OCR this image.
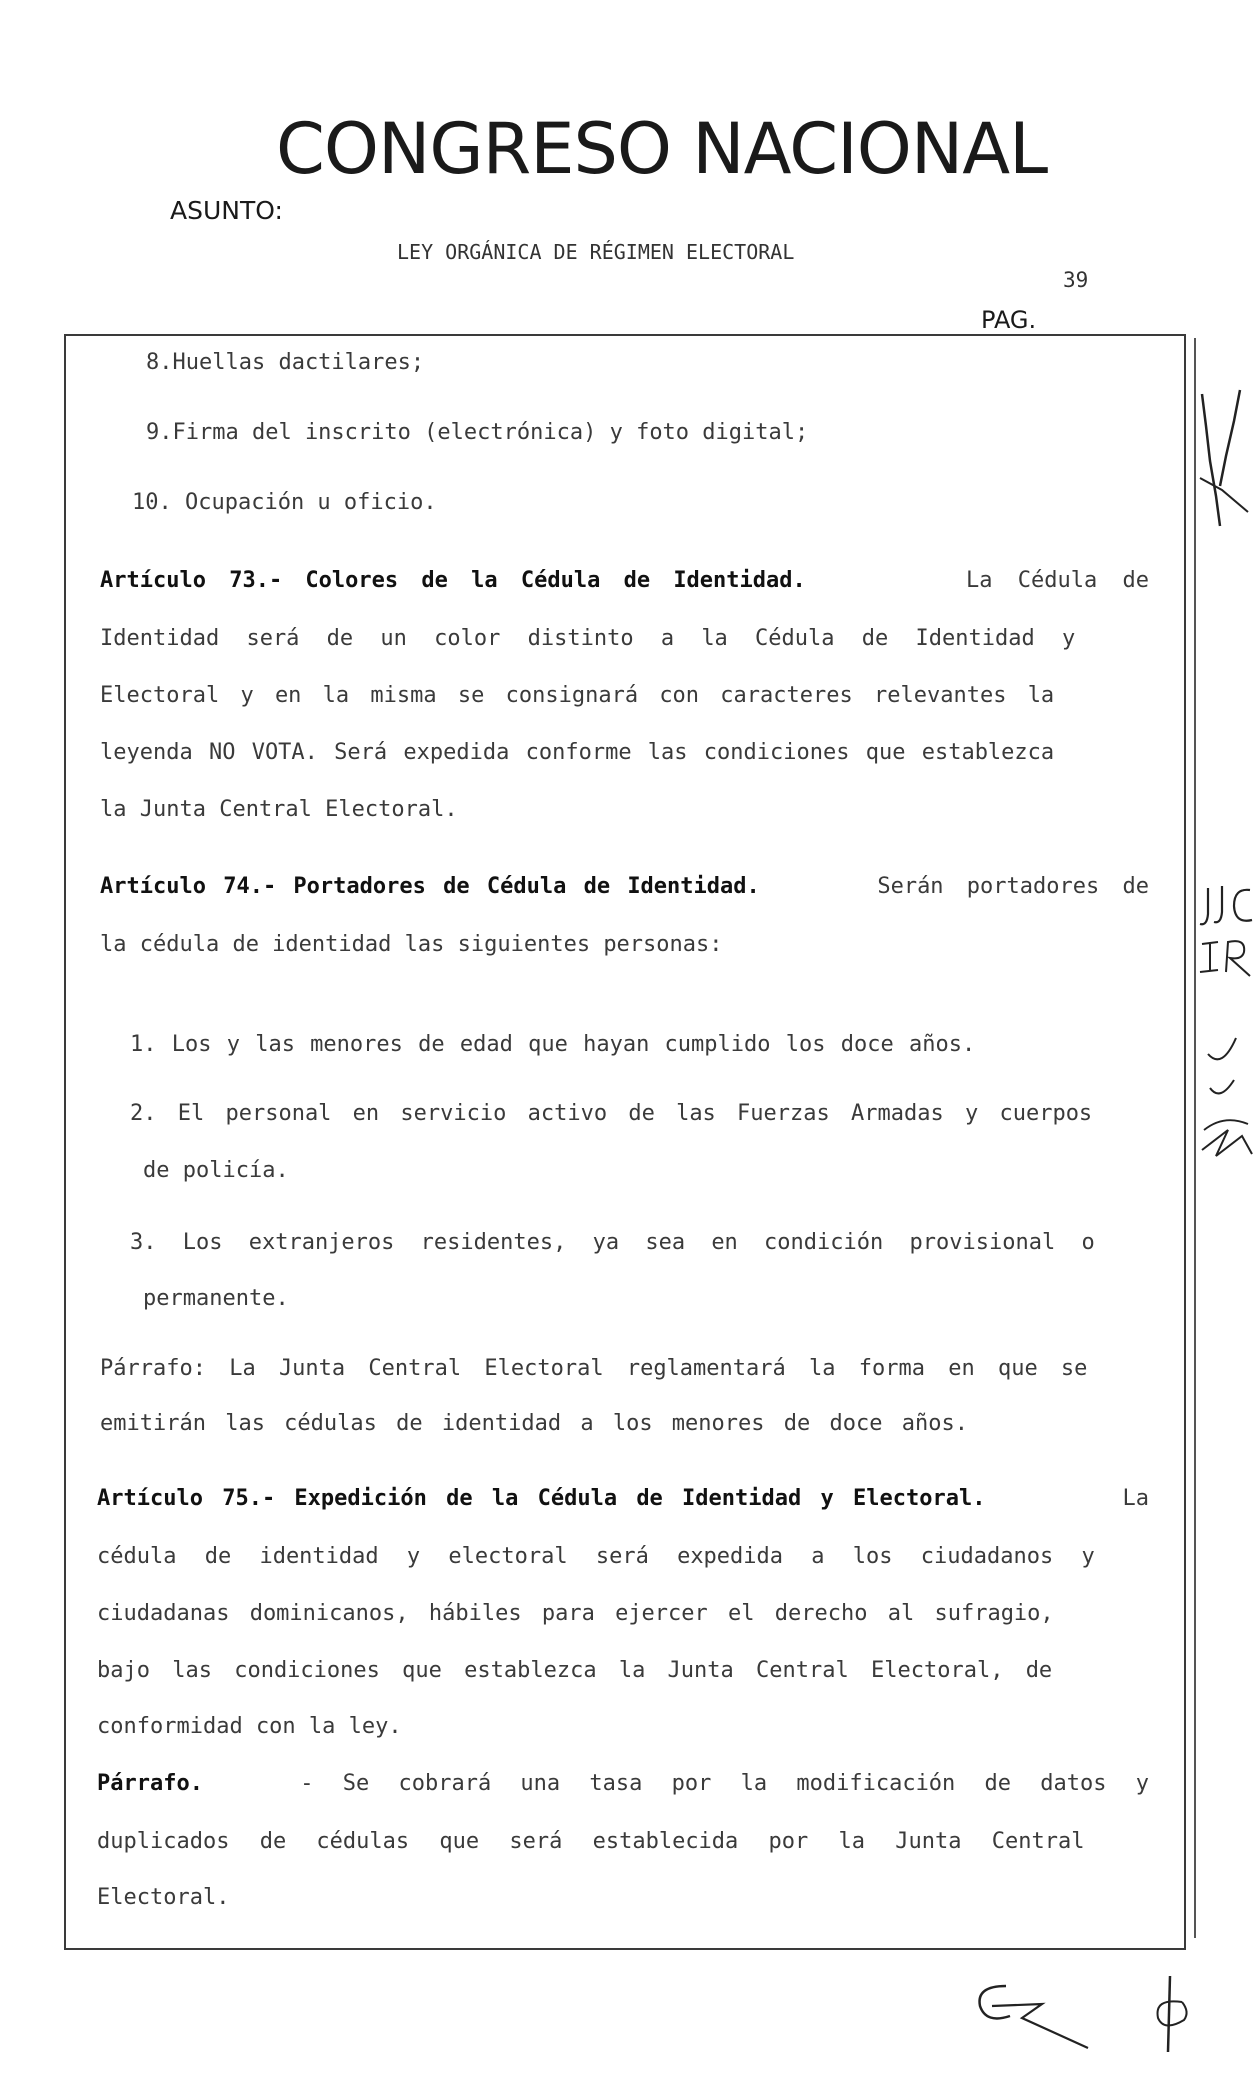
CONGRESO NACIONAL
ASUNTO:
LEY ORGÁNICA DE RÉGIMEN ELECTORAL
39
PAG.
8.Huellas dactilares;
9.Firma del inscrito (electrónica) y foto digital;
10. Ocupación u oficio.
Artículo 73.- Colores de la Cédula de Identidad.	La Cédula de
Identidad será de un color distinto a la Cédula de Identidad y
Electoral y en la misma se consignará con caracteres relevantes la
leyenda NO VOTA. Será expedida conforme las condiciones que establezca
la Junta Central Electoral.
Artículo 74.- Portadores de Cédula de Identidad.	Serán portadores de
la cédula de identidad las siguientes personas:
1. Los y las menores de edad que hayan cumplido los doce años.
2. El personal en servicio activo de las Fuerzas Armadas y cuerpos
de policía.
3. Los extranjeros residentes, ya sea en condición provisional o
permanente.
Párrafo: La Junta Central Electoral reglamentará la forma en que se
emitirán las cédulas de identidad a los menores de doce años.
Artículo 75.- Expedición de la Cédula de Identidad y Electoral.	La
cédula de identidad y electoral será expedida a los ciudadanos y
ciudadanas dominicanos, hábiles para ejercer el derecho al sufragio,
bajo las condiciones que establezca la Junta Central Electoral, de
conformidad con la ley.
Párrafo.	- Se cobrará una tasa por la modificación de datos y
duplicados de cédulas que será establecida por la Junta Central
Electoral.
